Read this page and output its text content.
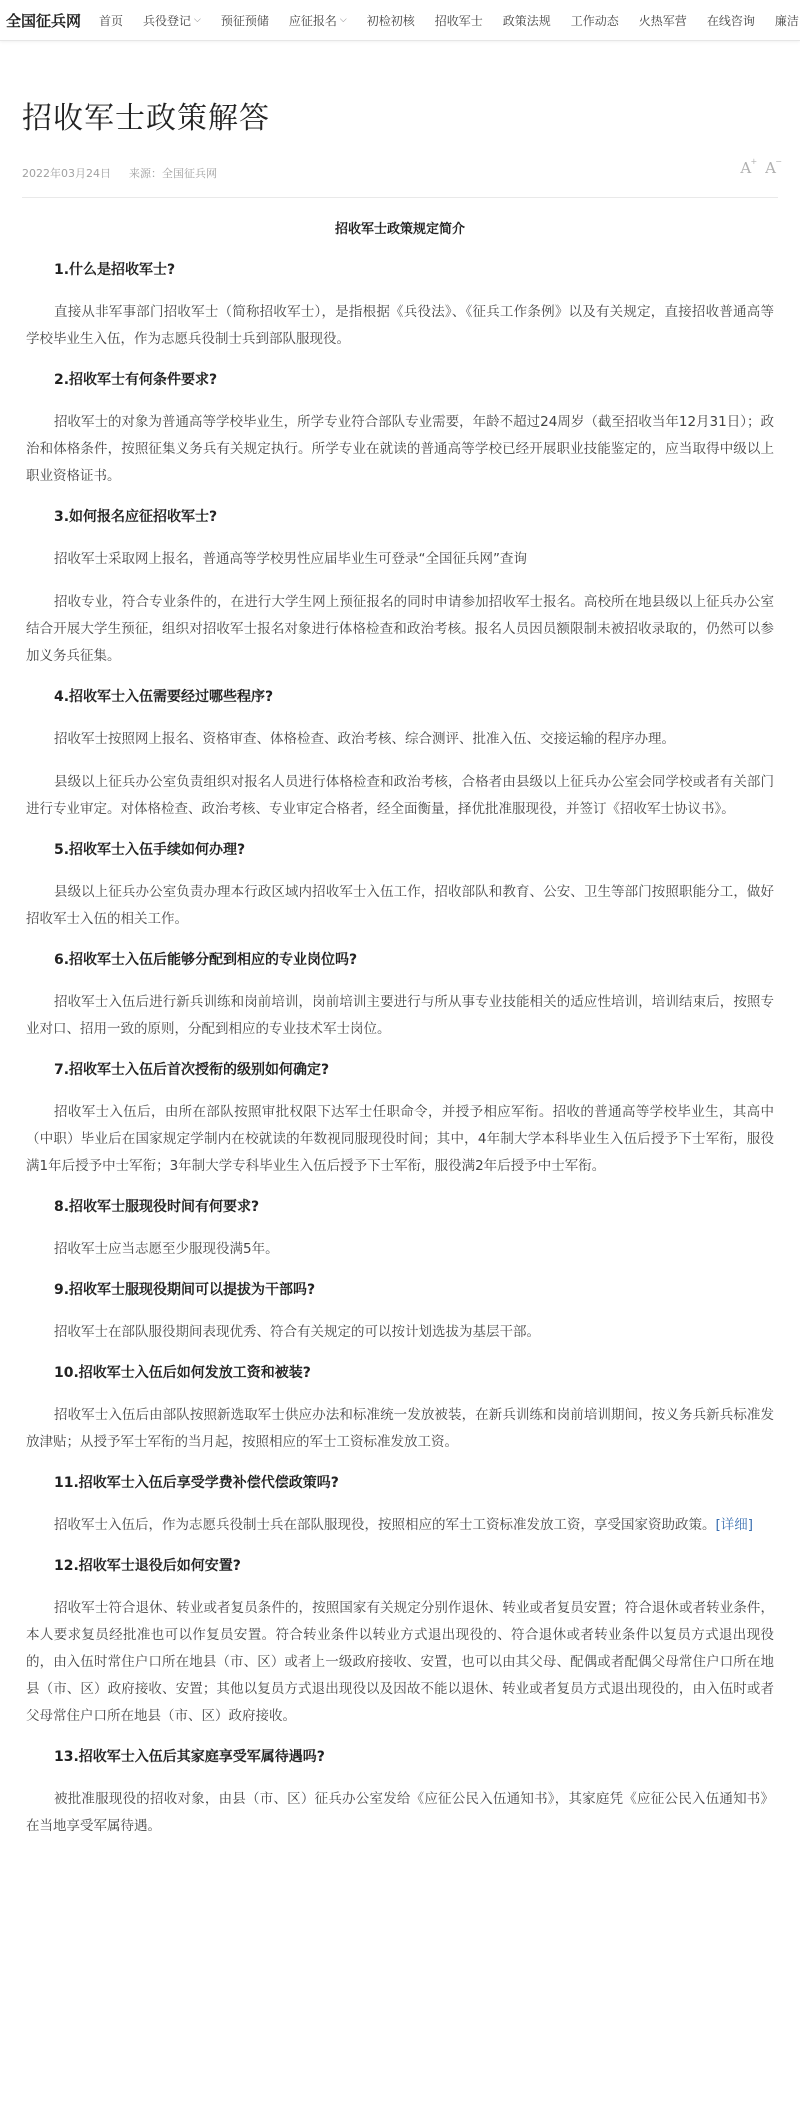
全国征兵网 首页 兵役登记 ⌵ 预征预储 应征报名 ⌵ 初检初核 招收军士 政策法规 工作动态 火热军营 在线咨询 廉洁
招收军士政策解答
2022年03月24日 来源：全国征兵网	A + A −

招收军士政策规定简介

1.什么是招收军士?

直接从非军事部门招收军士（简称招收军士），是指根据《兵役法》、《征兵工作条例》以及有关规定，直接招收普通高等学校毕业生入伍，作为志愿兵役制士兵到部队服现役。

2.招收军士有何条件要求?

招收军士的对象为普通高等学校毕业生，所学专业符合部队专业需要，年龄不超过24周岁（截至招收当年12月31日）；政治和体格条件，按照征集义务兵有关规定执行。所学专业在就读的普通高等学校已经开展职业技能鉴定的，应当取得中级以上职业资格证书。

3.如何报名应征招收军士?

招收军士采取网上报名，普通高等学校男性应届毕业生可登录“全国征兵网”查询

招收专业，符合专业条件的，在进行大学生网上预征报名的同时申请参加招收军士报名。高校所在地县级以上征兵办公室结合开展大学生预征，组织对招收军士报名对象进行体格检查和政治考核。报名人员因员额限制未被招收录取的，仍然可以参加义务兵征集。

4.招收军士入伍需要经过哪些程序?

招收军士按照网上报名、资格审查、体格检查、政治考核、综合测评、批准入伍、交接运输的程序办理。

县级以上征兵办公室负责组织对报名人员进行体格检查和政治考核，合格者由县级以上征兵办公室会同学校或者有关部门进行专业审定。对体格检查、政治考核、专业审定合格者，经全面衡量，择优批准服现役，并签订《招收军士协议书》。

5.招收军士入伍手续如何办理?

县级以上征兵办公室负责办理本行政区域内招收军士入伍工作，招收部队和教育、公安、卫生等部门按照职能分工，做好招收军士入伍的相关工作。

6.招收军士入伍后能够分配到相应的专业岗位吗?

招收军士入伍后进行新兵训练和岗前培训，岗前培训主要进行与所从事专业技能相关的适应性培训，培训结束后，按照专业对口、招用一致的原则，分配到相应的专业技术军士岗位。

7.招收军士入伍后首次授衔的级别如何确定?

招收军士入伍后，由所在部队按照审批权限下达军士任职命令，并授予相应军衔。招收的普通高等学校毕业生，其高中（中职）毕业后在国家规定学制内在校就读的年数视同服现役时间；其中，4年制大学本科毕业生入伍后授予下士军衔，服役满1年后授予中士军衔；3年制大学专科毕业生入伍后授予下士军衔，服役满2年后授予中士军衔。

8.招收军士服现役时间有何要求?

招收军士应当志愿至少服现役满5年。

9.招收军士服现役期间可以提拔为干部吗?

招收军士在部队服役期间表现优秀、符合有关规定的可以按计划选拔为基层干部。

10.招收军士入伍后如何发放工资和被装?

招收军士入伍后由部队按照新选取军士供应办法和标准统一发放被装，在新兵训练和岗前培训期间，按义务兵新兵标准发放津贴；从授予军士军衔的当月起，按照相应的军士工资标准发放工资。

11.招收军士入伍后享受学费补偿代偿政策吗?

招收军士入伍后，作为志愿兵役制士兵在部队服现役，按照相应的军士工资标准发放工资，享受国家资助政策。[详细]

12.招收军士退役后如何安置?

招收军士符合退休、转业或者复员条件的，按照国家有关规定分别作退休、转业或者复员安置；符合退休或者转业条件，本人要求复员经批准也可以作复员安置。符合转业条件以转业方式退出现役的、符合退休或者转业条件以复员方式退出现役的，由入伍时常住户口所在地县（市、区）或者上一级政府接收、安置，也可以由其父母、配偶或者配偶父母常住户口所在地县（市、区）政府接收、安置；其他以复员方式退出现役以及因故不能以退休、转业或者复员方式退出现役的，由入伍时或者父母常住户口所在地县（市、区）政府接收。

13.招收军士入伍后其家庭享受军属待遇吗?

被批准服现役的招收对象，由县（市、区）征兵办公室发给《应征公民入伍通知书》，其家庭凭《应征公民入伍通知书》在当地享受军属待遇。
